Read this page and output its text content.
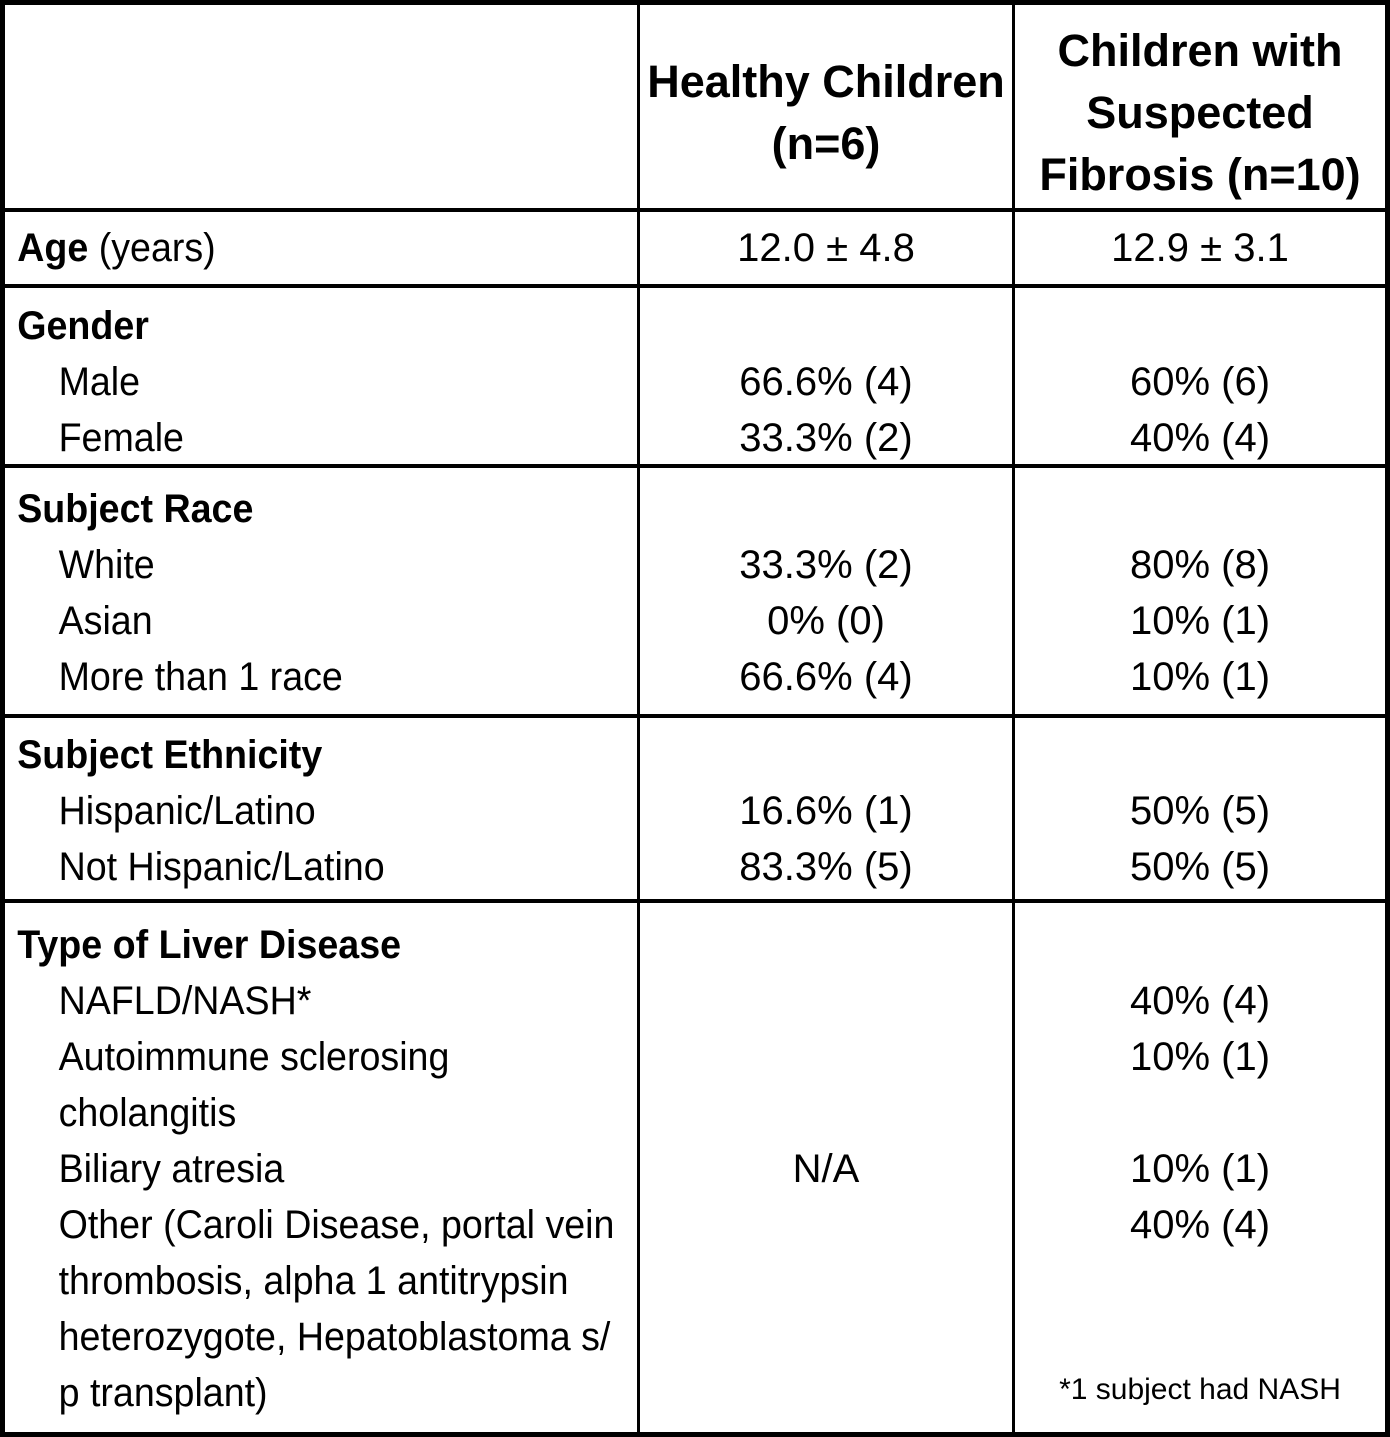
Healthy Children
(n=6)
Children with
Suspected
Fibrosis (n=10)
Age (years)	12.0 ± 4.8	12.9 ± 3.1
Gender
Male
Female
66.6% (4)
33.3% (2)
60% (6)
40% (4)
Subject Race
White
Asian
More than 1 race
33.3% (2)
0% (0)
66.6% (4)
80% (8)
10% (1)
10% (1)
Subject Ethnicity
Hispanic/Latino
Not Hispanic/Latino
16.6% (1)
83.3% (5)
50% (5)
50% (5)
Type of Liver Disease
NAFLD/NASH*
Autoimmune sclerosing
cholangitis
Biliary atresia
Other (Caroli Disease, portal vein
thrombosis, alpha 1 antitrypsin
heterozygote, Hepatoblastoma s/
p transplant)
N/A
40% (4)
10% (1)
10% (1)
40% (4)
*1 subject had NASH
